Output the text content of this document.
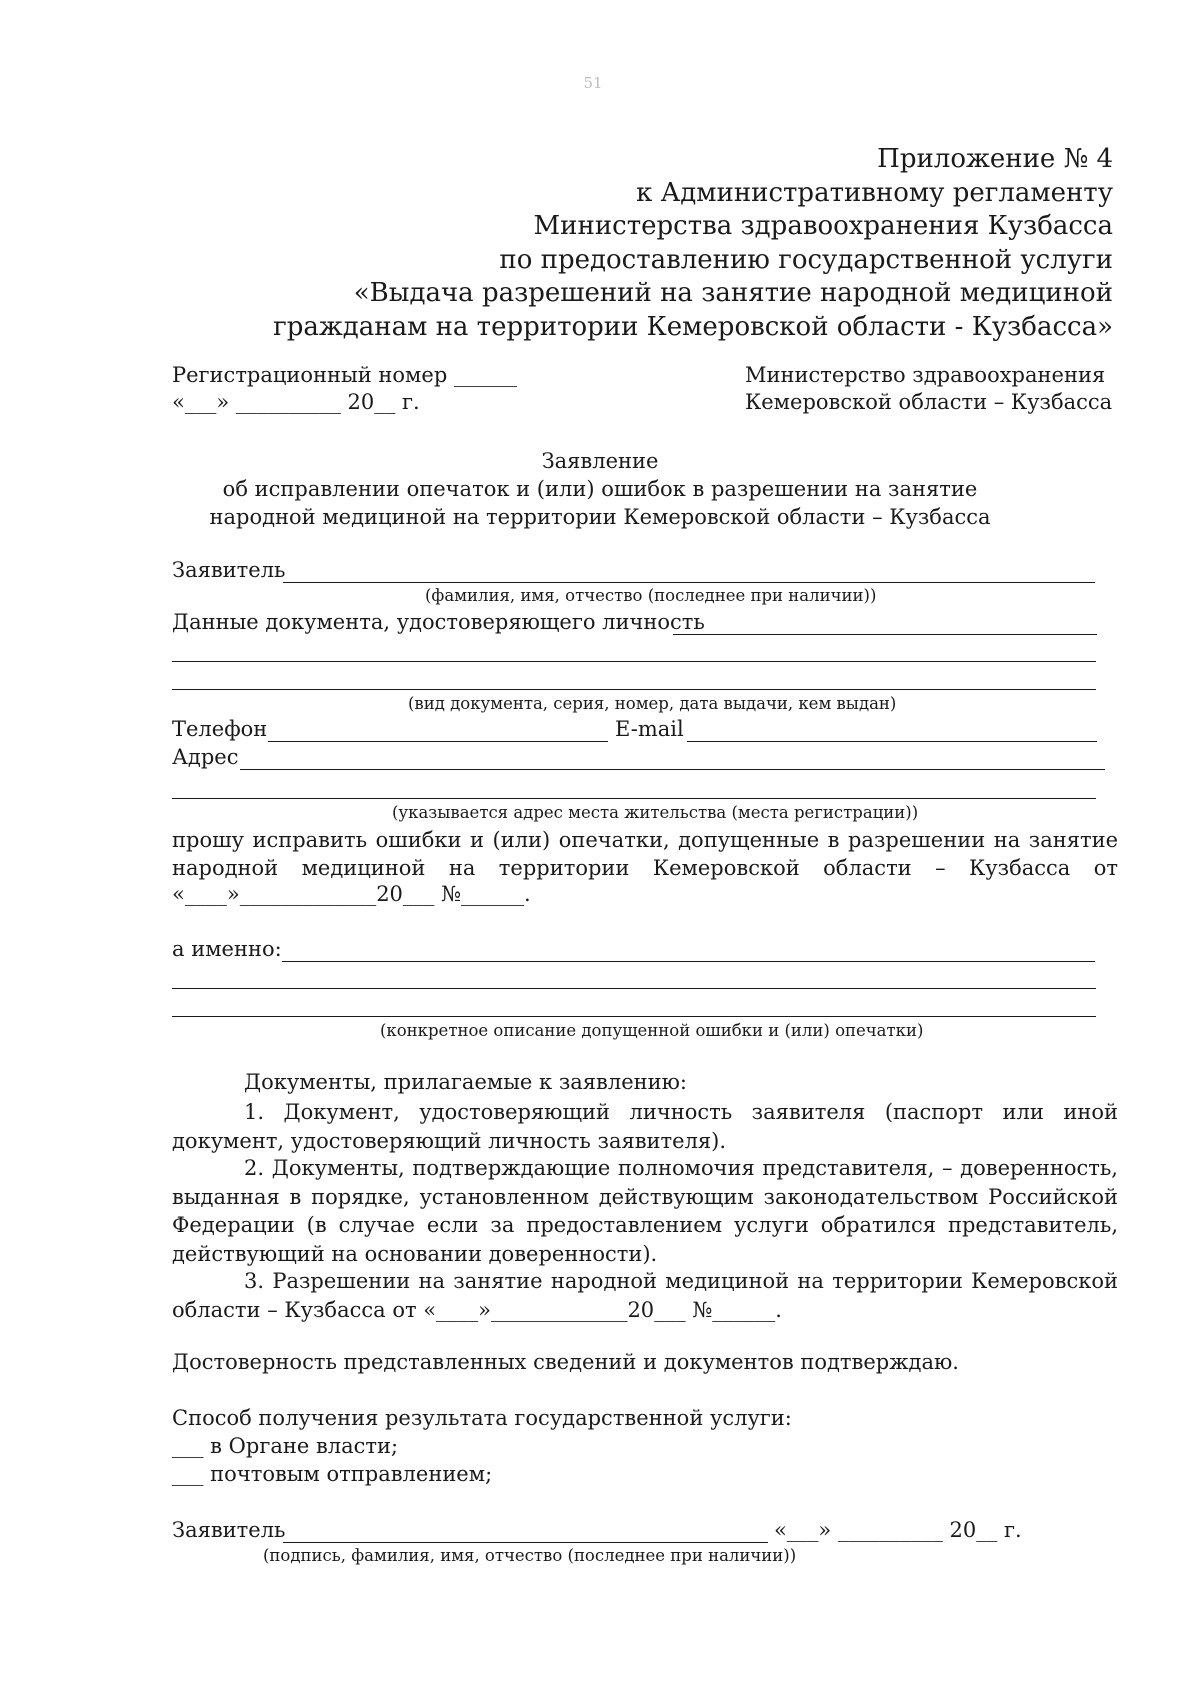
51
Приложение № 4
к Административному регламенту
Министерства здравоохранения Кузбасса
по предоставлению государственной услуги
«Выдача разрешений на занятие народной медициной
гражданам на территории Кемеровской области - Кузбасса»
Регистрационный номер ______
«___» __________ 20__ г.
Министерство здравоохранения
Кемеровской области – Кузбасса
Заявление
об исправлении опечаток и (или) ошибок в разрешении на занятие
народной медициной на территории Кемеровской области – Кузбасса
Заявитель
(фамилия, имя, отчество (последнее при наличии))
Данные документа, удостоверяющего личность
(вид документа, серия, номер, дата выдачи, кем выдан)
Телефон	E-mail
Адрес
(указывается адрес места жительства (места регистрации))
прошу исправить ошибки и (или) опечатки, допущенные в разрешении на занятие
народной медициной на территории Кемеровской области – Кузбасса от
«____»_____________20___ №______.
а именно:
(конкретное описание допущенной ошибки и (или) опечатки)
Документы, прилагаемые к заявлению:
1. Документ, удостоверяющий личность заявителя (паспорт или иной документ, удостоверяющий личность заявителя).
2. Документы, подтверждающие полномочия представителя, – доверенность, выданная в порядке, установленном действующим законодательством Российской Федерации (в случае если за предоставлением услуги обратился представитель, действующий на основании доверенности).
3. Разрешении на занятие народной медициной на территории Кемеровской области – Кузбасса от «____»_____________20___ №______.
Достоверность представленных сведений и документов подтверждаю.
Способ получения результата государственной услуги:
___ в Органе власти;
___ почтовым отправлением;
Заявитель	«___» __________ 20__ г.
(подпись, фамилия, имя, отчество (последнее при наличии))
